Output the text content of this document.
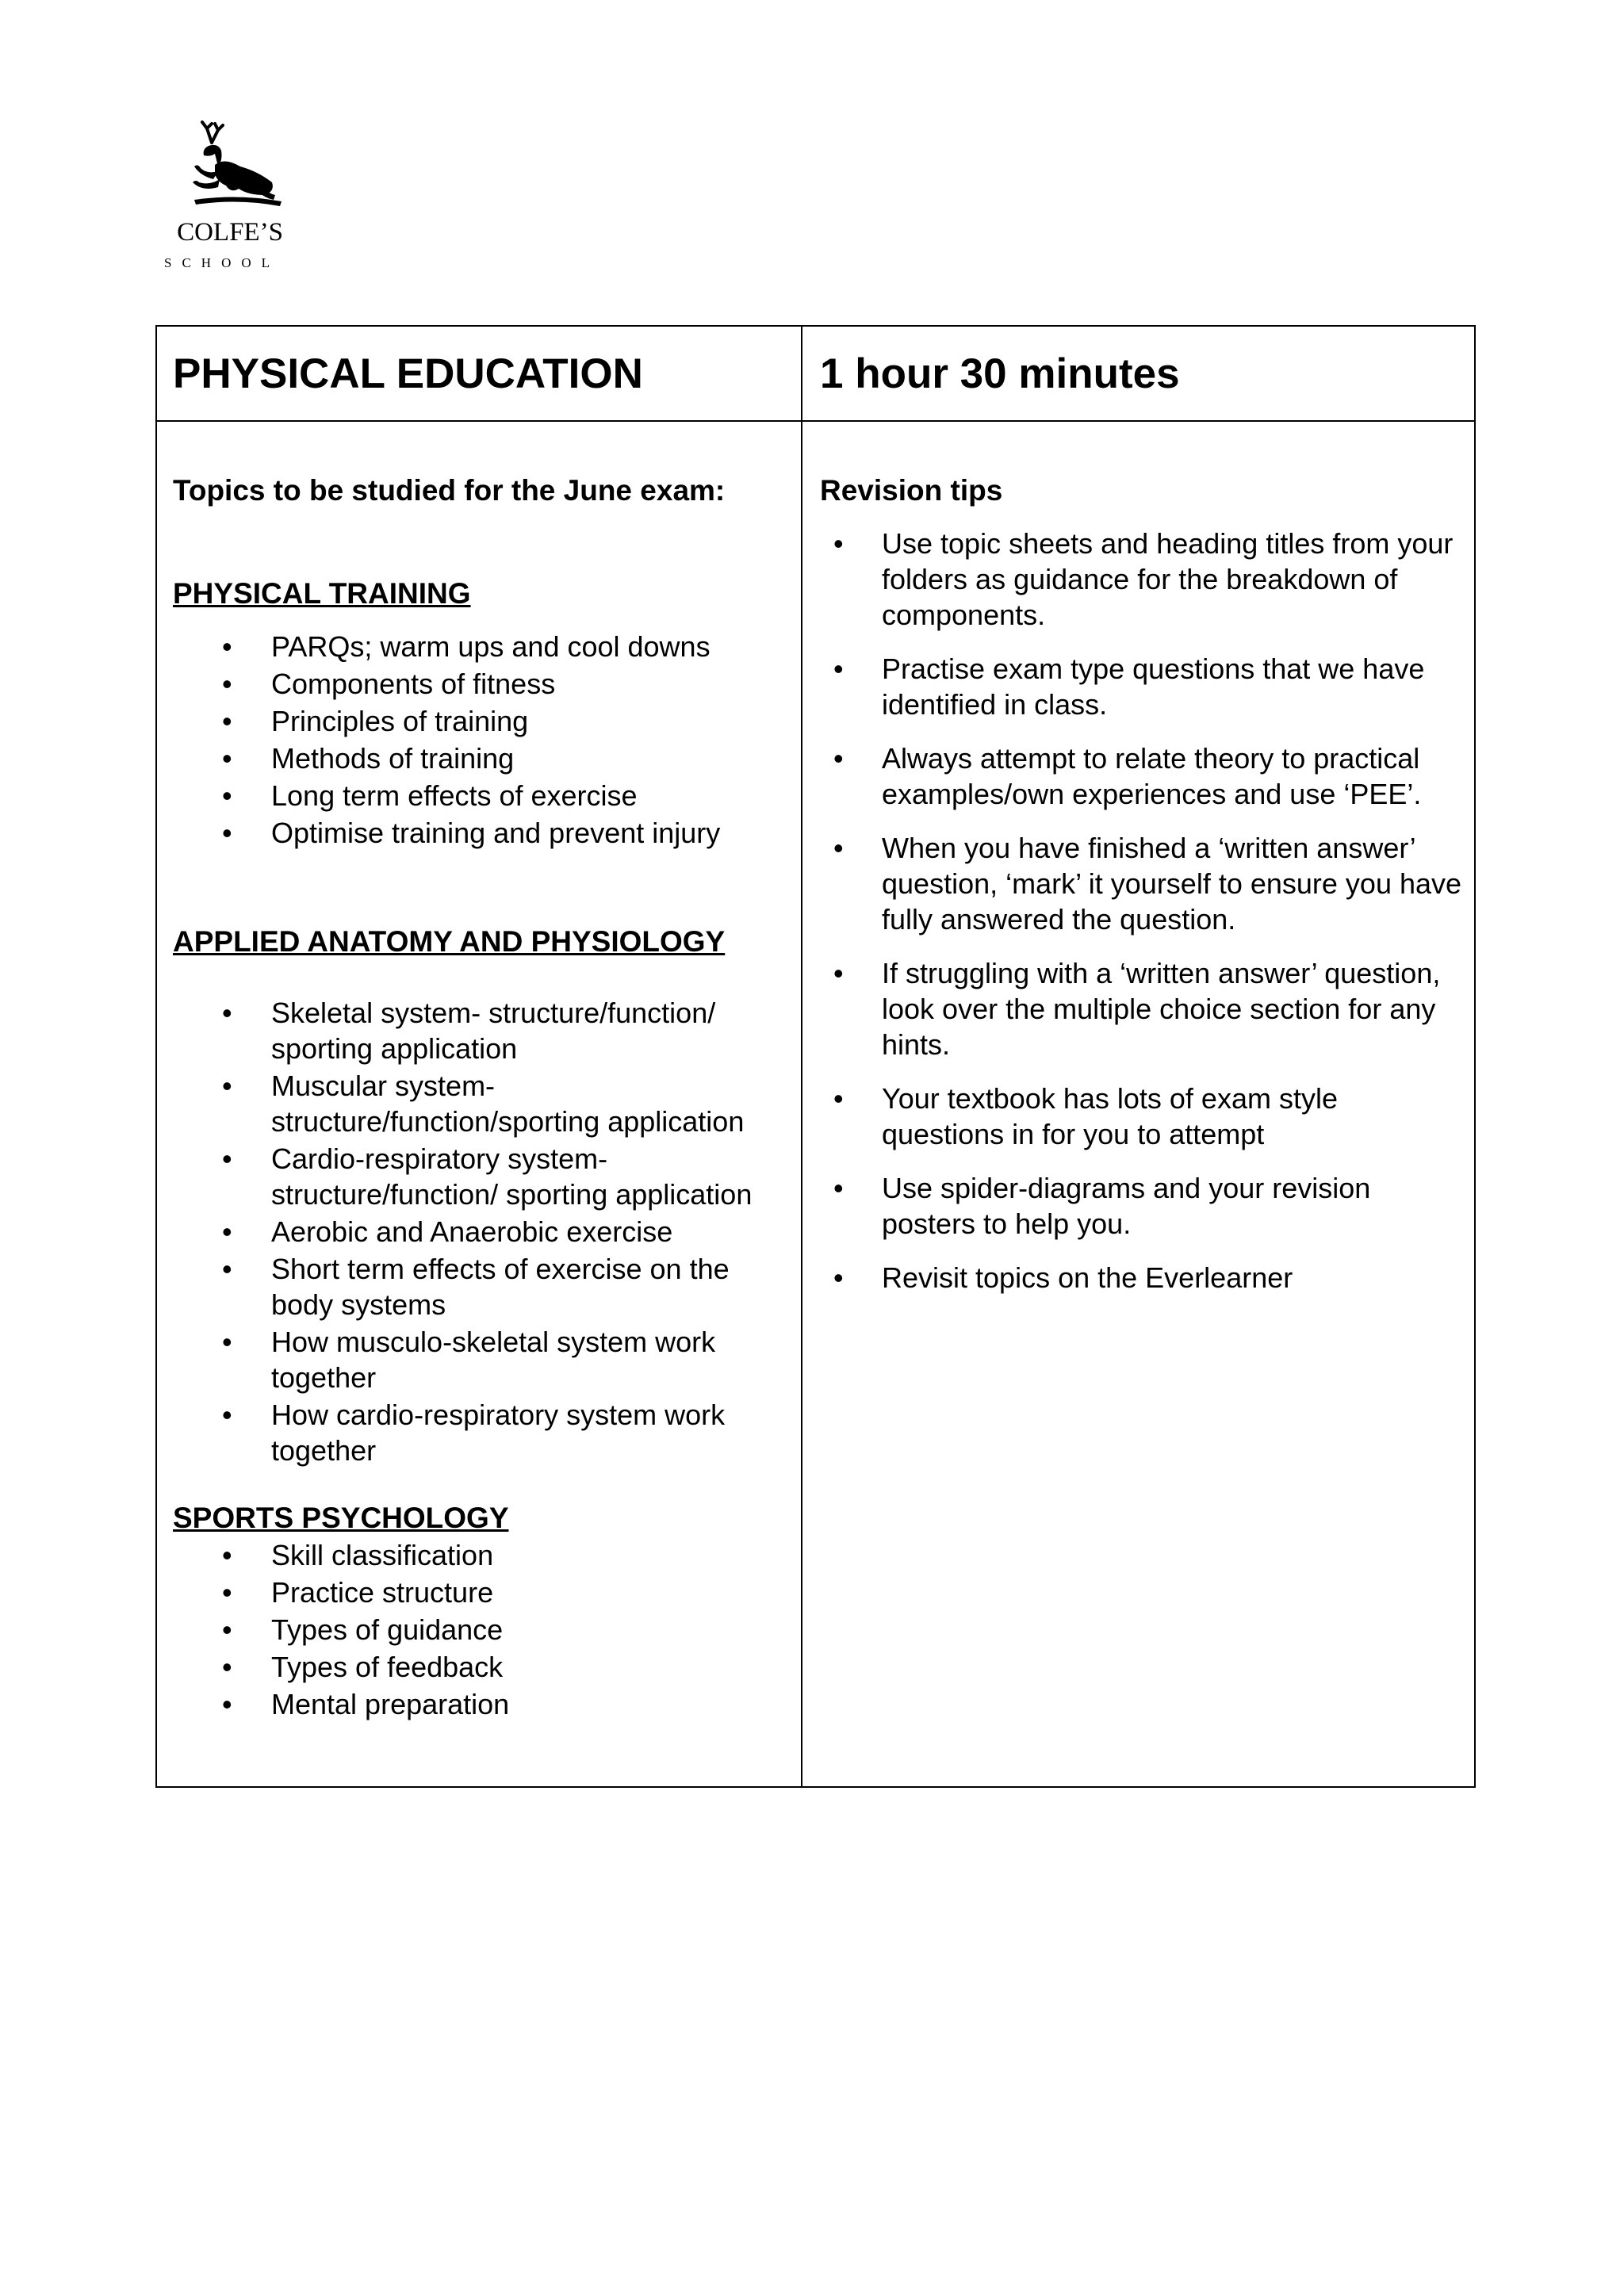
COLFE’S
SCHOOL
PHYSICAL EDUCATION	1 hour 30 minutes
Topics to be studied for the June exam:
PHYSICAL TRAINING
• PARQs; warm ups and cool downs
• Components of fitness
• Principles of training
• Methods of training
• Long term effects of exercise
• Optimise training and prevent injury
APPLIED ANATOMY AND PHYSIOLOGY
• Skeletal system- structure/function/ sporting application
• Muscular system- structure/function/sporting application
• Cardio-respiratory system- structure/function/ sporting application
• Aerobic and Anaerobic exercise
• Short term effects of exercise on the body systems
• How musculo-skeletal system work together
• How cardio-respiratory system work together
SPORTS PSYCHOLOGY
• Skill classification
• Practice structure
• Types of guidance
• Types of feedback
• Mental preparation
Revision tips
• Use topic sheets and heading titles from your folders as guidance for the breakdown of components.
• Practise exam type questions that we have identified in class.
• Always attempt to relate theory to practical examples/own experiences and use ‘PEE’.
• When you have finished a ‘written answer’ question, ‘mark’ it yourself to ensure you have fully answered the question.
• If struggling with a ‘written answer’ question, look over the multiple choice section for any hints.
• Your textbook has lots of exam style questions in for you to attempt
• Use spider-diagrams and your revision posters to help you.
• Revisit topics on the Everlearner
